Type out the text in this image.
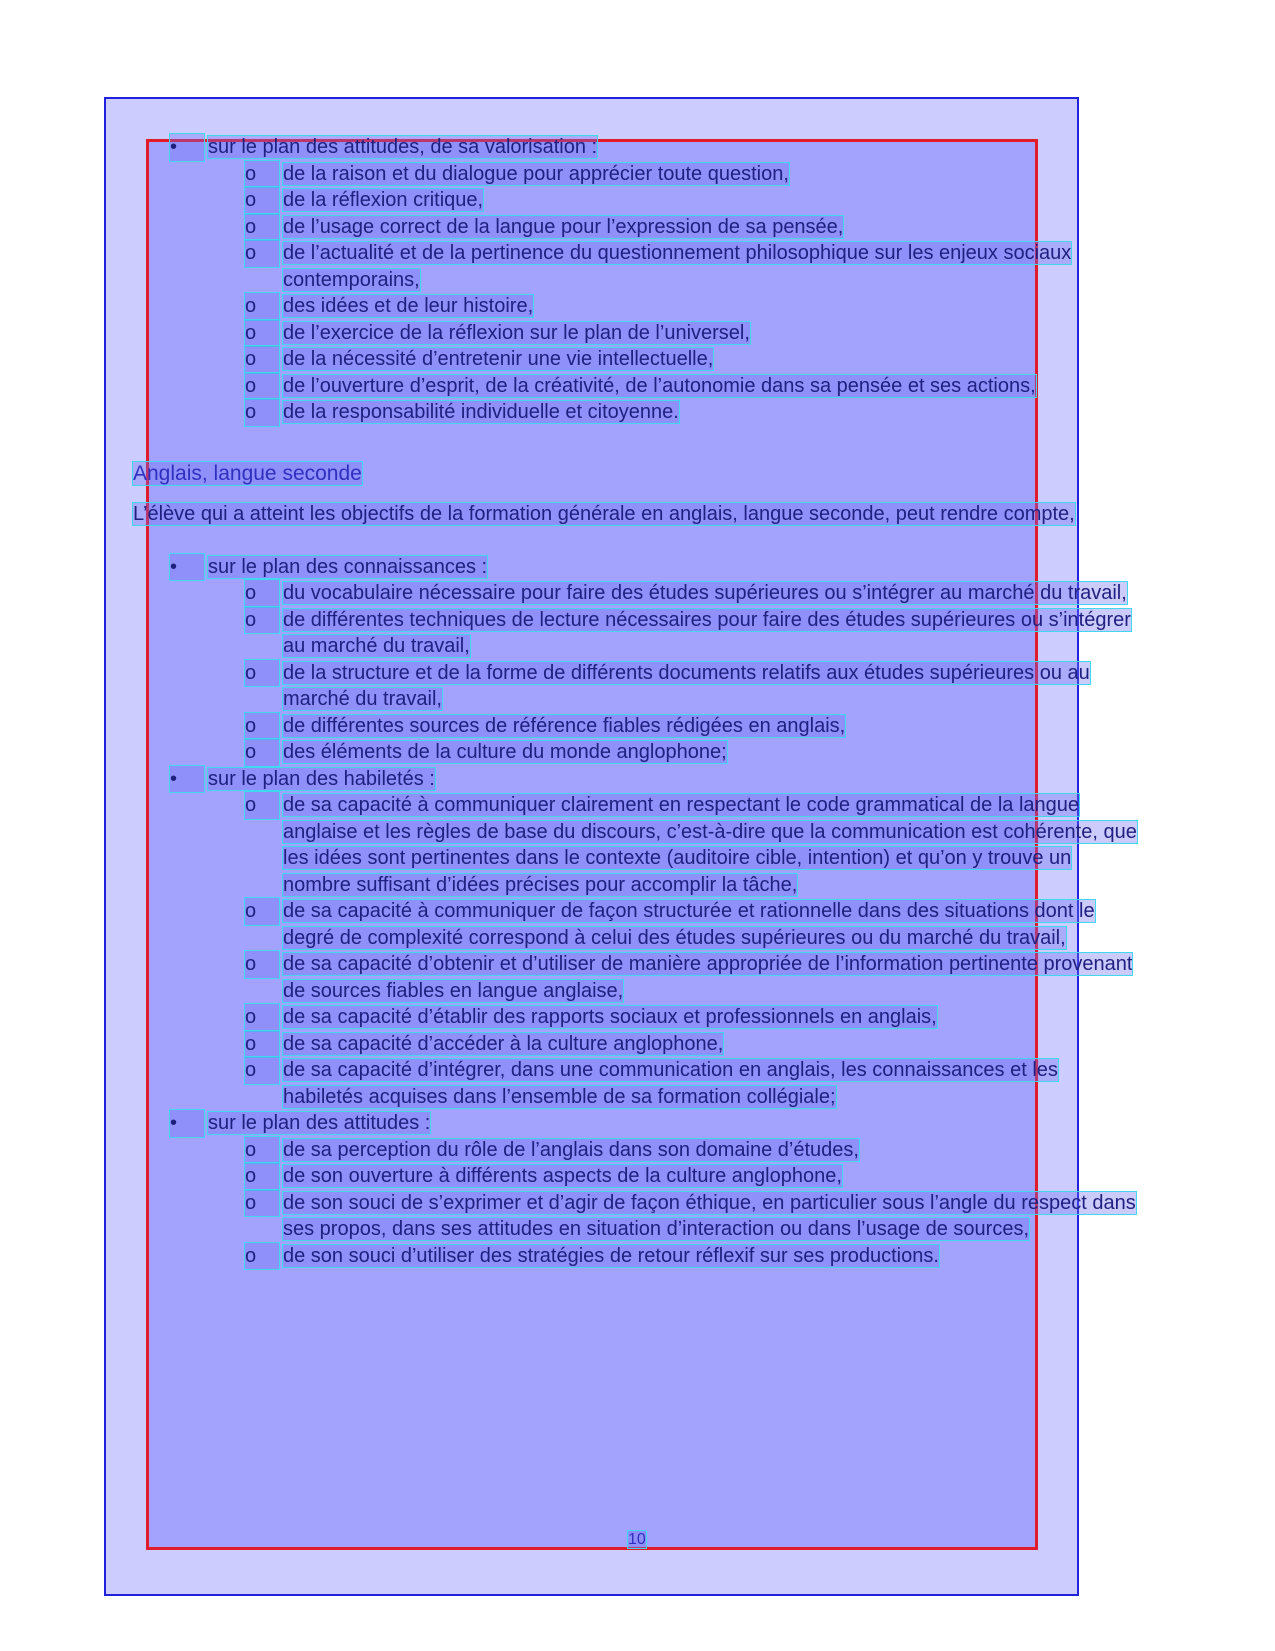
•	sur le plan des attitudes, de sa valorisation :
o	de la raison et du dialogue pour apprécier toute question,
o	de la réflexion critique,
o	de l’usage correct de la langue pour l’expression de sa pensée,
o	de l’actualité et de la pertinence du questionnement philosophique sur les enjeux sociaux contemporains,
o	des idées et de leur histoire,
o	de l’exercice de la réflexion sur le plan de l’universel,
o	de la nécessité d’entretenir une vie intellectuelle,
o	de l’ouverture d’esprit, de la créativité, de l’autonomie dans sa pensée et ses actions,
o	de la responsabilité individuelle et citoyenne.
Anglais, langue seconde
L’élève qui a atteint les objectifs de la formation générale en anglais, langue seconde, peut rendre compte,
•	sur le plan des connaissances :
o	du vocabulaire nécessaire pour faire des études supérieures ou s’intégrer au marché du travail,
o	de différentes techniques de lecture nécessaires pour faire des études supérieures ou s’intégrer au marché du travail,
o	de la structure et de la forme de différents documents relatifs aux études supérieures ou au marché du travail,
o	de différentes sources de référence fiables rédigées en anglais,
o	des éléments de la culture du monde anglophone;
•	sur le plan des habiletés :
o	de sa capacité à communiquer clairement en respectant le code grammatical de la langue anglaise et les règles de base du discours, c’est-à-dire que la communication est cohérente, que les idées sont pertinentes dans le contexte (auditoire cible, intention) et qu’on y trouve un nombre suffisant d’idées précises pour accomplir la tâche,
o	de sa capacité à communiquer de façon structurée et rationnelle dans des situations dont le degré de complexité correspond à celui des études supérieures ou du marché du travail,
o	de sa capacité d’obtenir et d’utiliser de manière appropriée de l’information pertinente provenant de sources fiables en langue anglaise,
o	de sa capacité d’établir des rapports sociaux et professionnels en anglais,
o	de sa capacité d’accéder à la culture anglophone,
o	de sa capacité d’intégrer, dans une communication en anglais, les connaissances et les habiletés acquises dans l’ensemble de sa formation collégiale;
•	sur le plan des attitudes :
o	de sa perception du rôle de l’anglais dans son domaine d’études,
o	de son ouverture à différents aspects de la culture anglophone,
o	de son souci de s’exprimer et d’agir de façon éthique, en particulier sous l’angle du respect dans ses propos, dans ses attitudes en situation d’interaction ou dans l’usage de sources,
o	de son souci d’utiliser des stratégies de retour réflexif sur ses productions.
10
